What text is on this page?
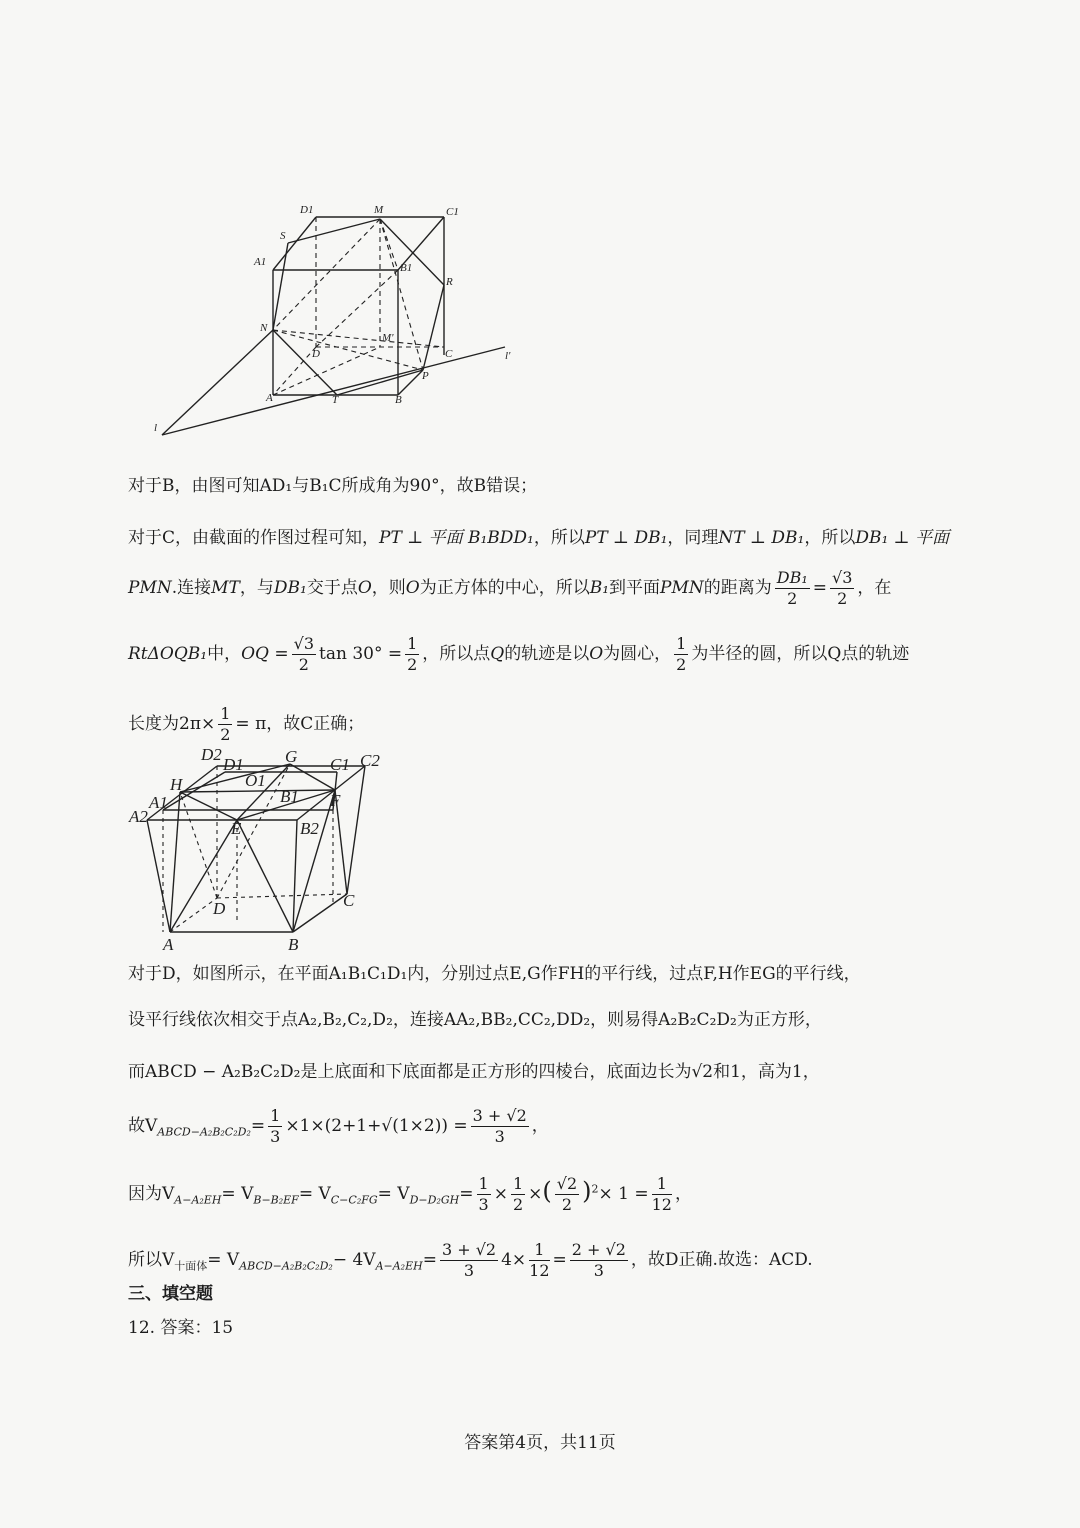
D1	M	C1
S
A1	B1
R
N
D
M'
C	l'
P
A	T	B
l
对于B，由图可知AD₁与B₁C所成角为90°，故B错误；
对于C，由截面的作图过程可知，PT ⊥ 平面 B₁BDD₁，所以PT ⊥ DB₁，同理NT ⊥ DB₁，所以DB₁ ⊥ 平面
PMN.连接MT，与DB₁交于点O，则O为正方体的中心，所以B₁到平面PMN的距离为 $\frac{\text{DB₁}}{2} = \frac{√3}{2}$ ，在
RtΔOQB₁中，OQ = $\frac{√3}{2}$ $\tan 30^\circ = \frac{1}{2}$ ，所以点Q的轨迹是以O为圆心， $\frac{1}{2}$ 为半径的圆，所以Q点的轨迹
长度为$2\pi\times \frac{1}{2} = \pi$，故C正确；
D2
D1 G C1 C2
H	O1
A1	B1 F
A2
E	B2
D	C
A	B
对于D，如图所示，在平面A₁B₁C₁D₁内，分别过点E,G作FH的平行线，过点F,H作EG的平行线，
设平行线依次相交于点A₂,B₂,C₂,D₂，连接AA₂,BB₂,CC₂,DD₂，则易得A₂B₂C₂D₂为正方形，
而ABCD − A₂B₂C₂D₂是上底面和下底面都是正方形的四棱台，底面边长为√2和1，高为1，
故$V_{ABCD-A_2B_2C_2D_2}= \frac{1}{3} \times 1\times(2+1+√(1\times 2)) = \frac{3 + √2}{3}$ ，
因为$V_{A-A_2EH}= V_{B-B_2EF}= V_{C-C_2FG}= V_{D-D_2GH}= \frac{1}{3} \times \frac{1}{2}$ ×( $\frac{√2}{2} )^2\times 1 = \frac{1}{12}$ ，
所以$V_{十面体}= V_{ABCD-A_2B_2C_2D_2}- 4V_{A-A_2EH}= \frac{3 + √2}{3} 4\times \frac{1}{12} = \frac{2 + √2}{3}$ ，故D正确.故选：ACD.
三、填空题
12. 答案：15
答案第4页，共11页
